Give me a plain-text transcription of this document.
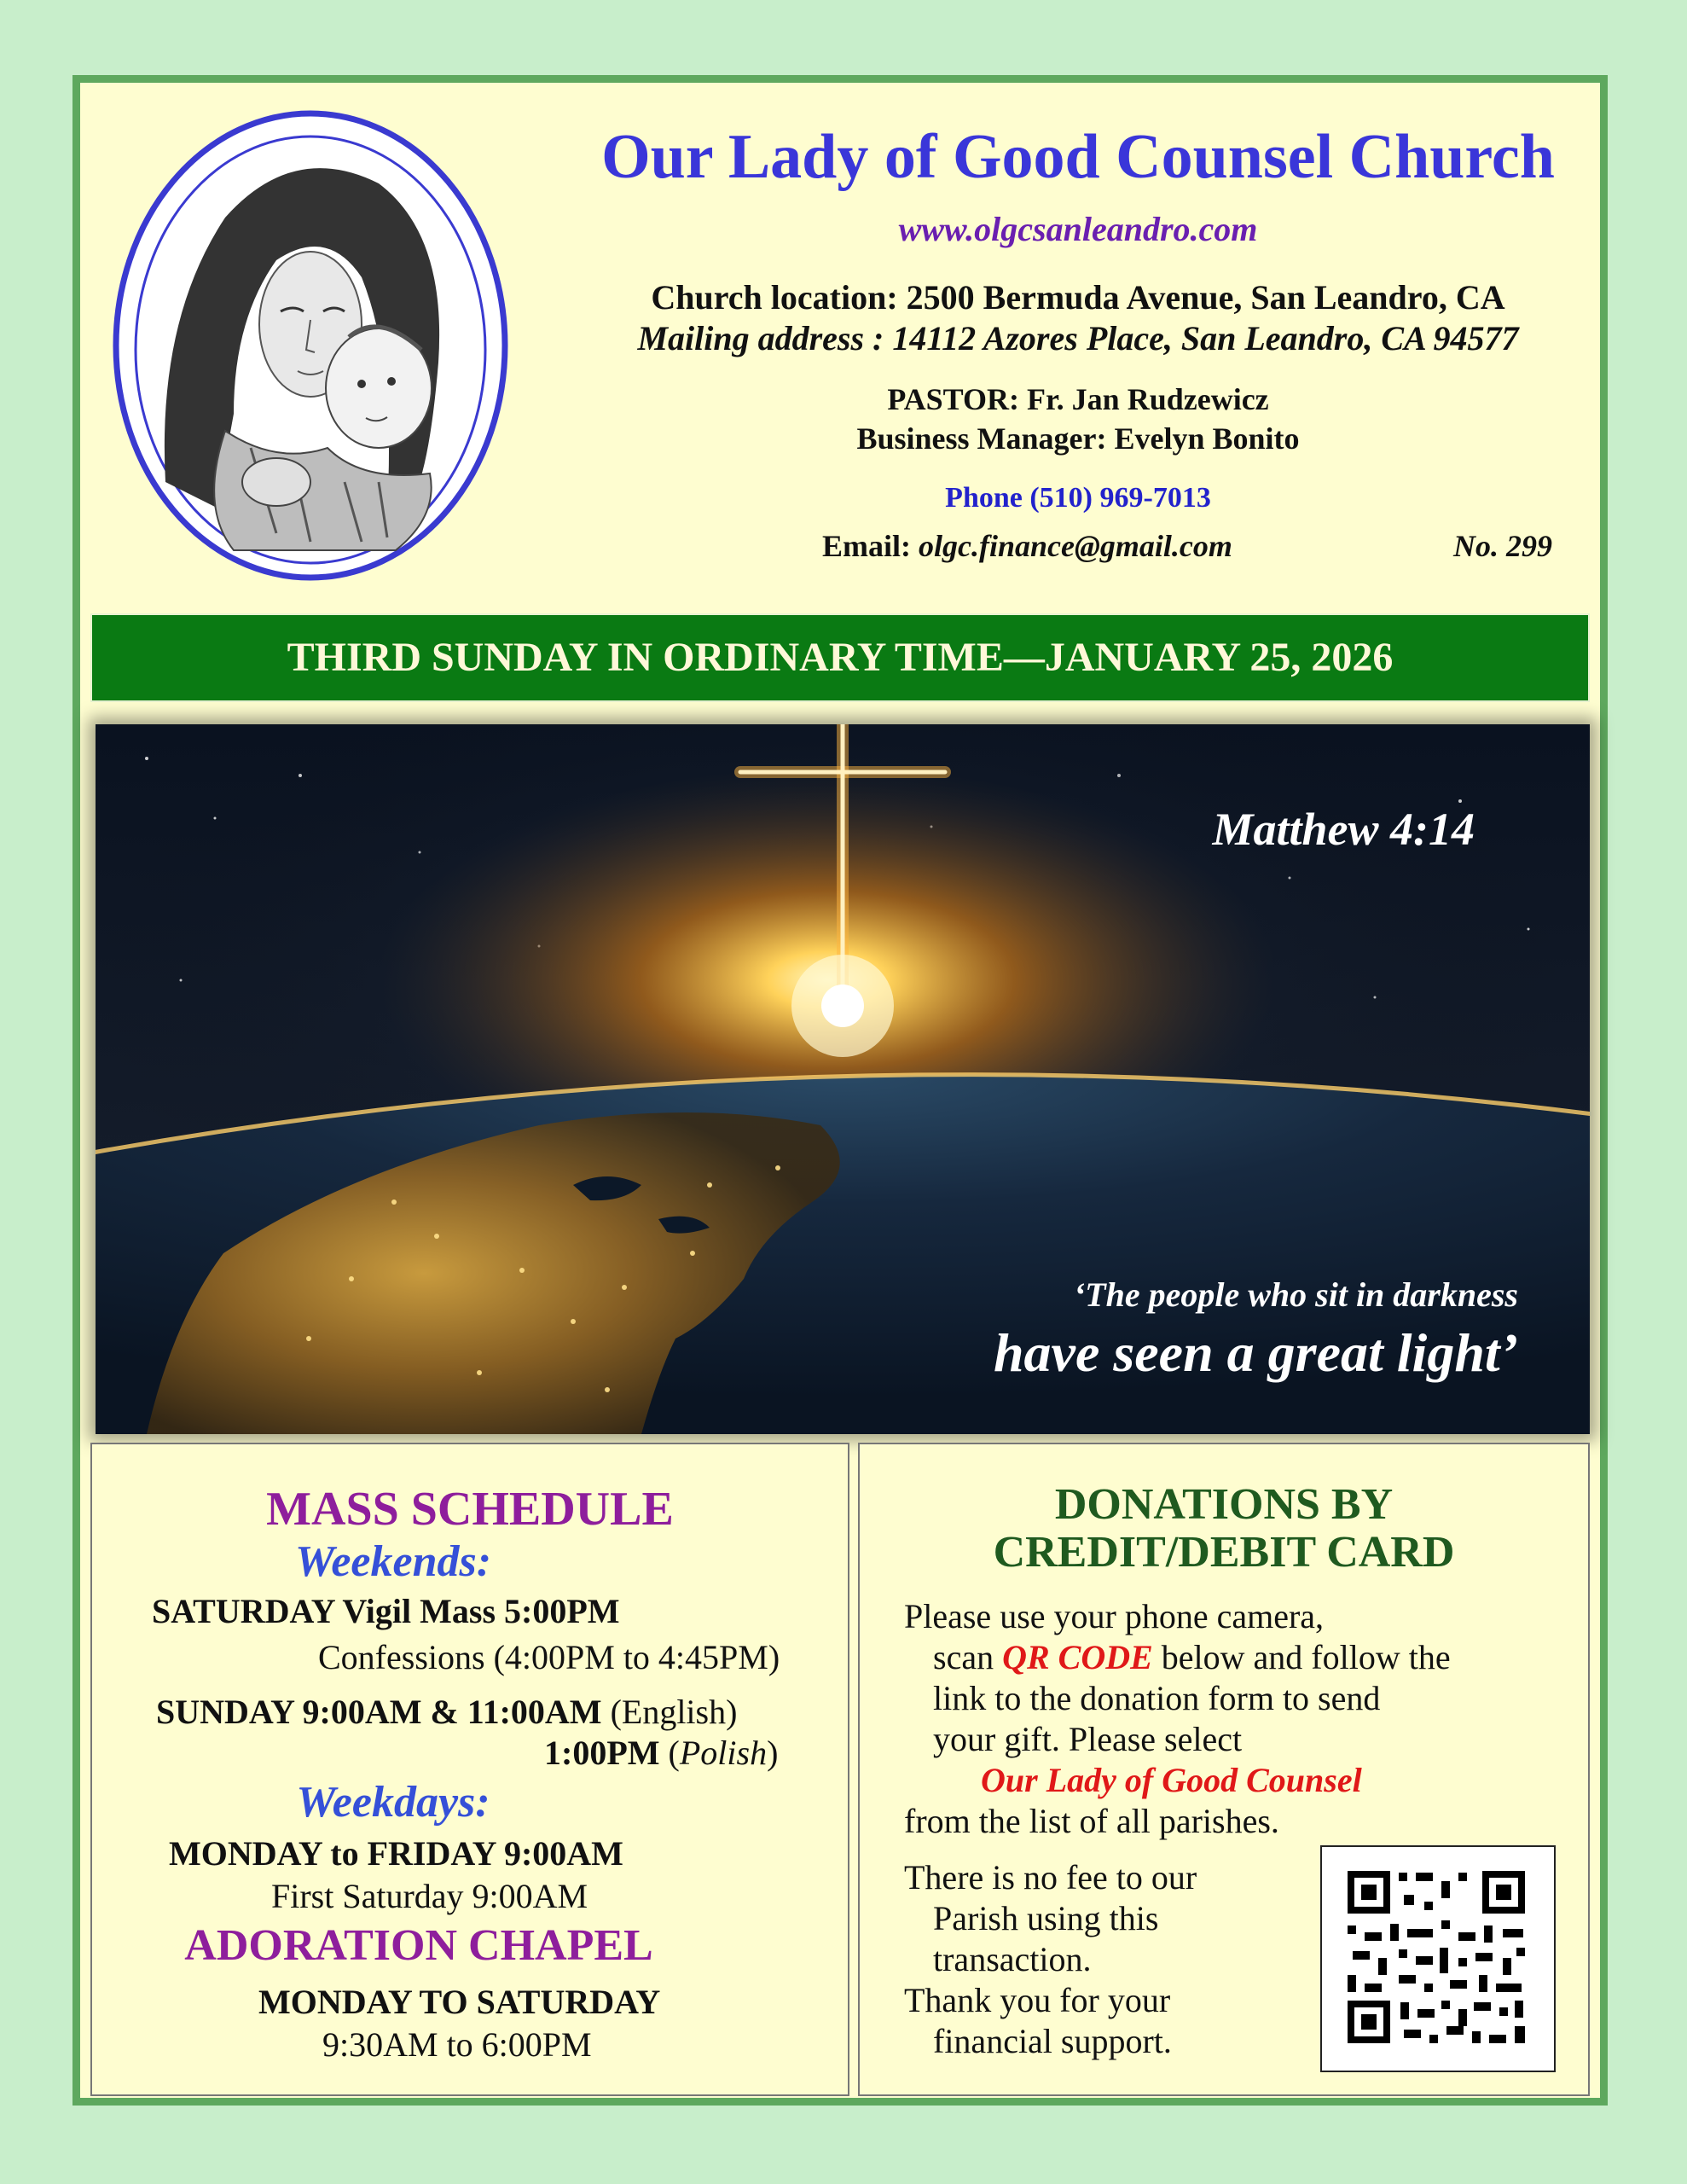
Our Lady of Good Counsel Church
www.olgcsanleandro.com
Church location: 2500 Bermuda Avenue, San Leandro, CA
Mailing address : 14112 Azores Place, San Leandro, CA 94577
PASTOR: Fr. Jan Rudzewicz
Business Manager: Evelyn Bonito
Phone (510) 969-7013
Email: olgc.finance@gmail.com	No. 299
THIRD SUNDAY IN ORDINARY TIME—JANUARY 25, 2026
Matthew 4:14
‘The people who sit in darkness
have seen a great light’
MASS SCHEDULE
Weekends:
SATURDAY Vigil Mass 5:00PM
Confessions (4:00PM to 4:45PM)
SUNDAY 9:00AM & 11:00AM (English)
1:00PM (Polish)
Weekdays:
MONDAY to FRIDAY 9:00AM
First Saturday 9:00AM
ADORATION CHAPEL
MONDAY TO SATURDAY
9:30AM to 6:00PM
DONATIONS BY
CREDIT/DEBIT CARD
Please use your phone camera,
scan QR CODE below and follow the
link to the donation form to send
your gift. Please select
Our Lady of Good Counsel
from the list of all parishes.
There is no fee to our
Parish using this
transaction.
Thank you for your
financial support.
